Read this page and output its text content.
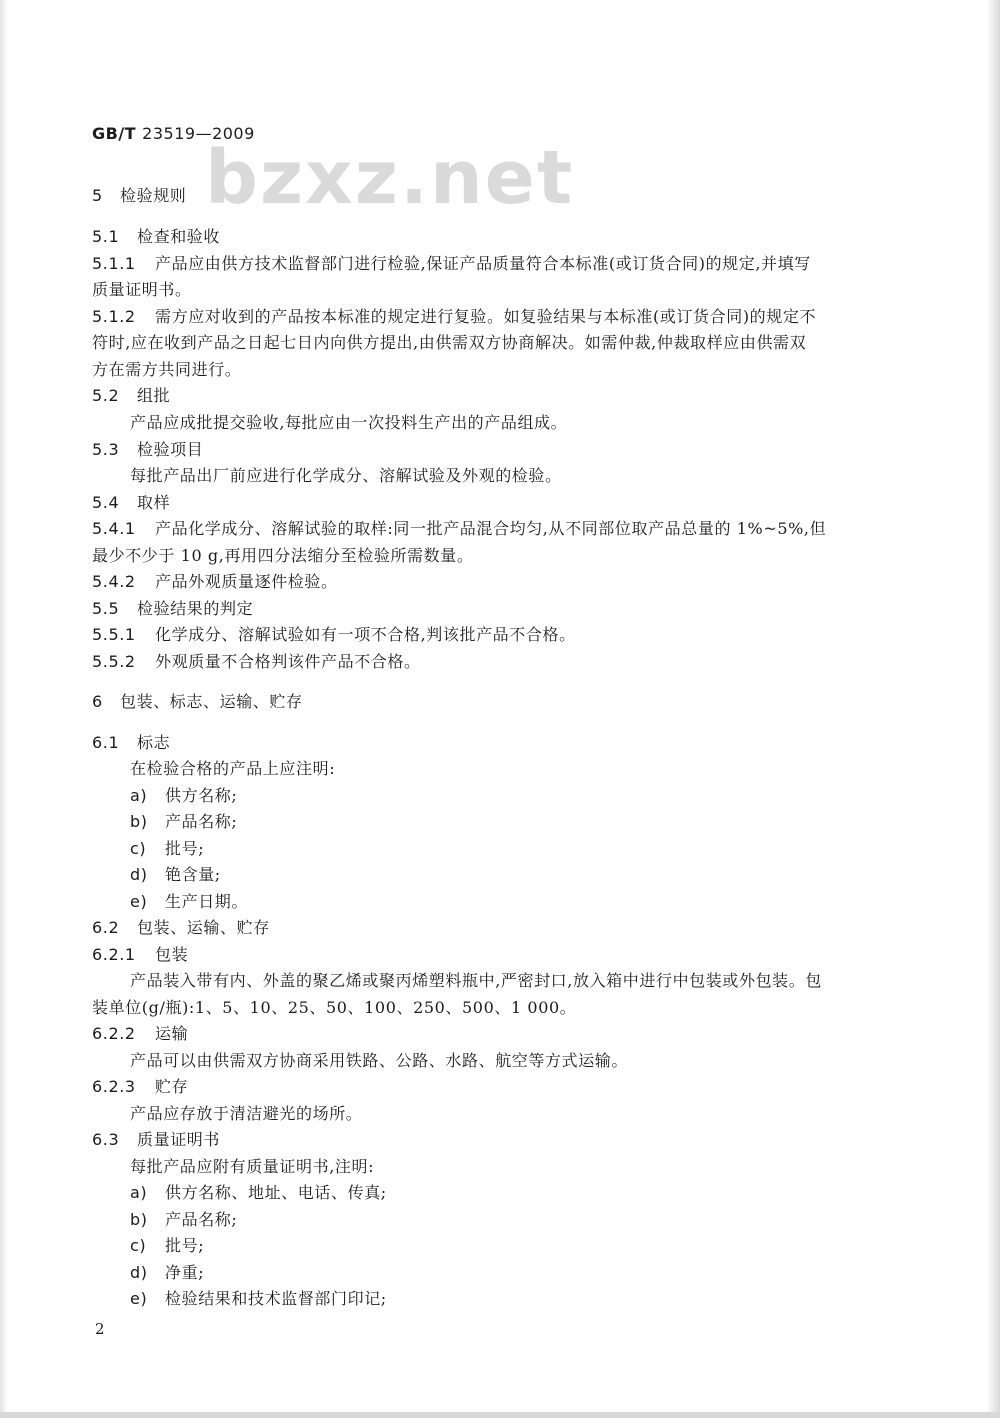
GB/T 23519—2009
bzxz.net
5 检验规则
5.1 检查和验收
5.1.1 产品应由供方技术监督部门进行检验,保证产品质量符合本标准(或订货合同)的规定,并填写
质量证明书。
5.1.2 需方应对收到的产品按本标准的规定进行复验。如复验结果与本标准(或订货合同)的规定不
符时,应在收到产品之日起七日内向供方提出,由供需双方协商解决。如需仲裁,仲裁取样应由供需双
方在需方共同进行。
5.2 组批
产品应成批提交验收,每批应由一次投料生产出的产品组成。
5.3 检验项目
每批产品出厂前应进行化学成分、溶解试验及外观的检验。
5.4 取样
5.4.1 产品化学成分、溶解试验的取样:同一批产品混合均匀,从不同部位取产品总量的 1%~5%,但
最少不少于 10 g,再用四分法缩分至检验所需数量。
5.4.2 产品外观质量逐件检验。
5.5 检验结果的判定
5.5.1 化学成分、溶解试验如有一项不合格,判该批产品不合格。
5.5.2 外观质量不合格判该件产品不合格。
6 包装、标志、运输、贮存
6.1 标志
在检验合格的产品上应注明:
a) 供方名称;
b) 产品名称;
c) 批号;
d) 铯含量;
e) 生产日期。
6.2 包装、运输、贮存
6.2.1 包装
产品装入带有内、外盖的聚乙烯或聚丙烯塑料瓶中,严密封口,放入箱中进行中包装或外包装。包
装单位(g/瓶):1、5、10、25、50、100、250、500、1 000。
6.2.2 运输
产品可以由供需双方协商采用铁路、公路、水路、航空等方式运输。
6.2.3 贮存
产品应存放于清洁避光的场所。
6.3 质量证明书
每批产品应附有质量证明书,注明:
a) 供方名称、地址、电话、传真;
b) 产品名称;
c) 批号;
d) 净重;
e) 检验结果和技术监督部门印记;
2
